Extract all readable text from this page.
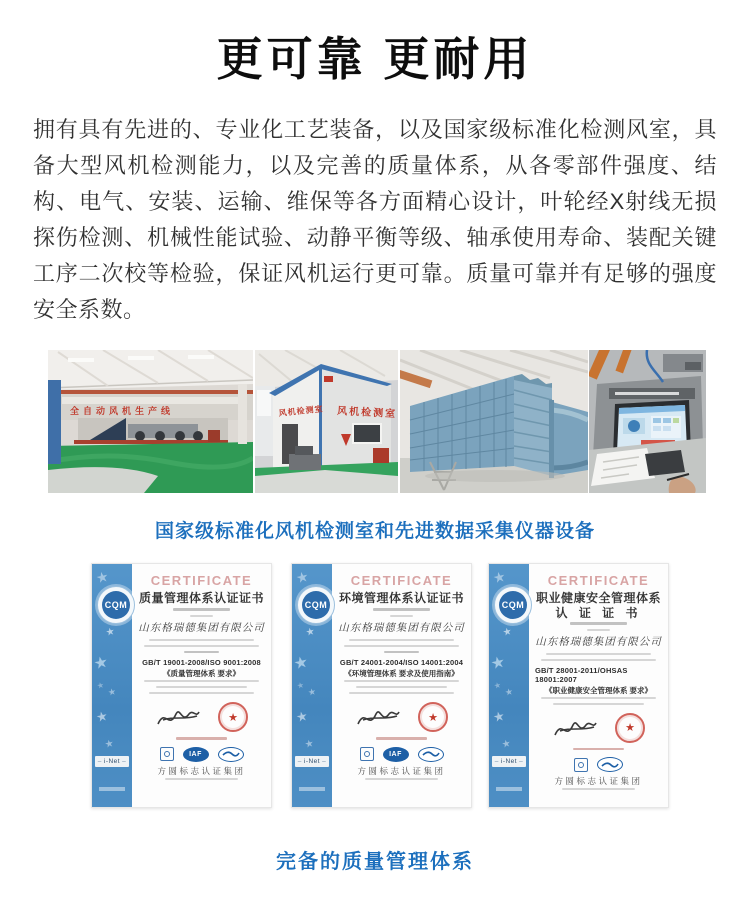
更可靠 更耐用

拥有具有先进的、专业化工艺装备，以及国家级标准化检测风室，具备大型风机检测能力，以及完善的质量体系，从各零部件强度、结构、电气、安装、运输、维保等各方面精心设计，叶轮经X射线无损探伤检测、机械性能试验、动静平衡等级、轴承使用寿命、装配关键工序二次校等检验，保证风机运行更可靠。质量可靠并有足够的强度安全系数。

全自动风机生产线	风机检测室 风机检测室
国家级标准化风机检测室和先进数据采集仪器设备
★
★
★
★
★
★
★
CQM
– i-Net
–
CERTIFICATE
质量管理体系认证证书
山东格瑞德集团有限公司
GB/T 19001-2008/ISO 9001:2008
《质量管理体系 要求》
★
IAF
方圆标志认证集团
★
★
★
★
★
★
★
CQM
– i-Net
–
CERTIFICATE
环境管理体系认证证书
山东格瑞德集团有限公司
GB/T 24001-2004/ISO 14001:2004
《环境管理体系 要求及使用指南》
★
IAF
方圆标志认证集团
★
★
★
★
★
★
★
CQM
– i-Net
–
CERTIFICATE
职业健康安全管理体系
认 证 证 书
山东格瑞德集团有限公司
GB/T 28001-2011/OHSAS 18001:2007
《职业健康安全管理体系 要求》
★
方圆标志认证集团
完备的质量管理体系
